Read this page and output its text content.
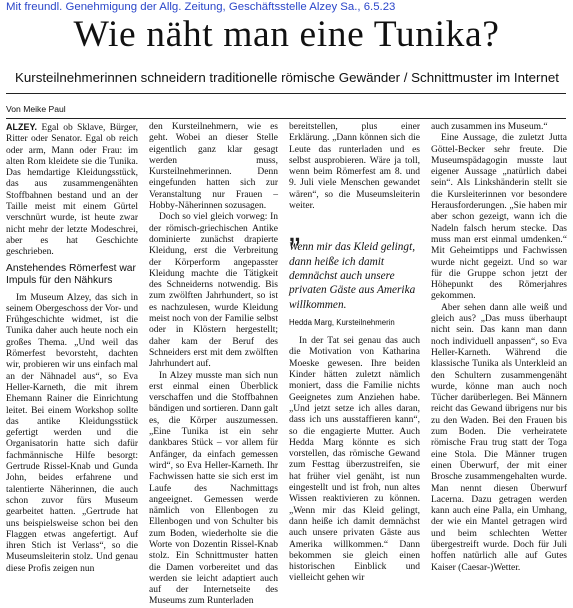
Mit freundl. Genehmigung der Allg. Zeitung, Geschäftsstelle Alzey Sa., 6.5.23
Wie näht man eine Tunika?
Kursteilnehmerinnen schneidern traditionelle römische Gewänder / Schnittmuster im Internet
Von Meike Paul

ALZEY. Egal ob Sklave, Bürger, Ritter oder Senator. Egal ob reich oder arm, Mann oder Frau: im alten Rom kleidete sie die Tunika. Das hemdartige Kleidungsstück, das aus zusammengenähten Stoffbahnen bestand und an der Taille meist mit einem Gürtel verschnürt wurde, ist heute zwar nicht mehr der letzte Modeschrei, aber es hat Geschichte geschrieben.

Anstehendes Römerfest war Impuls für den Nähkurs

Im Museum Alzey, das sich in seinem Obergeschoss der Vor- und Frühgeschichte widmet, ist die Tunika daher auch heute noch ein großes Thema. „Und weil das Römerfest bevorsteht, dachten wir, probieren wir uns einfach mal an der Nähnadel aus“, so Eva Heller-Karneth, die mit ihrem Ehemann Rainer die Einrichtung leitet. Bei einem Workshop sollte das antike Kleidungsstück gefertigt werden und die Organisatorin hatte sich dafür fachmännische Hilfe besorgt: Gertrude Rissel-Knab und Gunda John, beides erfahrene und talentierte Näherinnen, die auch schon zuvor fürs Museum gearbeitet hatten. „Gertrude hat uns beispielsweise schon bei den Flaggen etwas angefertigt. Auf ihren Stich ist Verlass“, so die Museumsleiterin stolz. Und genau diese Profis zeigen nun

den Kursteilnehmern, wie es geht. Wobei an dieser Stelle eigentlich ganz klar gesagt werden muss, Kursteilnehmerinnen. Denn eingefunden hatten sich zur Veranstaltung nur Frauen – Hobby-Näherinnen sozusagen.

Doch so viel gleich vorweg: In der römisch-griechischen Antike dominierte zunächst drapierte Kleidung, erst die Verbreitung der Körperform angepasster Kleidung machte die Tätigkeit des Schneiderns notwendig. Bis zum zwölften Jahrhundert, so ist es nachzulesen, wurde Kleidung meist noch von der Familie selbst oder in Klöstern hergestellt; daher kam der Beruf des Schneiders erst mit dem zwölften Jahrhundert auf.

In Alzey musste man sich nun erst einmal einen Überblick verschaffen und die Stoffbahnen bändigen und sortieren. Dann galt es, die Körper auszumessen. „Eine Tunika ist ein sehr dankbares Stück – vor allem für Anfänger, da einfach gemessen wird“, so Eva Heller-Karneth. Ihr Fachwissen hatte sie sich erst im Laufe des Nachmittags angeeignet. Gemessen werde nämlich von Ellenbogen zu Ellenbogen und von Schulter bis zum Boden, wiederholte sie die Worte von Dozentin Rissel-Knab stolz. Ein Schnittmuster hatten die Damen vorbereitet und das werden sie leicht adaptiert auch auf der Internetseite des Museums zum Runterladen

bereitstellen, plus einer Erklärung. „Dann können sich die Leute das runterladen und es selbst ausprobieren. Wäre ja toll, wenn beim Römerfest am 8. und 9. Juli viele Menschen gewandet wären“, so die Museumsleiterin weiter.

„
Wenn mir das Kleid gelingt, dann heiße ich damit demnächst auch unsere privaten Gäste aus Amerika willkommen.
Hedda Marg, Kursteilnehmerin

In der Tat sei genau das auch die Motivation von Katharina Moeske gewesen. Ihre beiden Kinder hätten zuletzt nämlich moniert, dass die Familie nichts Geeignetes zum Anziehen habe. „Und jetzt setze ich alles daran, dass ich uns ausstaffieren kann“, so die engagierte Mutter. Auch Hedda Marg könnte es sich vorstellen, das römische Gewand zum Festtag überzustreifen, sie hat früher viel genäht, ist nun eingestellt und ist froh, nun altes Wissen reaktivieren zu können. „Wenn mir das Kleid gelingt, dann heiße ich damit demnächst auch unsere privaten Gäste aus Amerika willkommen.“ Dann bekommen sie gleich einen historischen Einblick und vielleicht gehen wir

auch zusammen ins Museum.“

Eine Aussage, die zuletzt Jutta Göttel-Becker sehr freute. Die Museumspädagogin musste laut eigener Aussage „natürlich dabei sein“. Als Linkshänderin stellt sie die Kursleiterinnen vor besondere Herausforderungen. „Sie haben mir aber schon gezeigt, wann ich die Nadeln falsch herum stecke. Das muss man erst einmal umdenken.“ Mit Geheimtipps und Fachwissen wurde nicht gegeizt. Und so war für die Gruppe schon jetzt der Höhepunkt des Römerjahres gekommen.

Aber sehen dann alle weiß und gleich aus? „Das muss überhaupt nicht sein. Das kann man dann noch individuell anpassen“, so Eva Heller-Karneth. Während die klassische Tunika als Unterkleid an den Schultern zusammengenäht wurde, könne man auch noch Tücher darüberlegen. Bei Männern reicht das Gewand übrigens nur bis zu den Waden. Bei den Frauen bis zum Boden. Die verheiratete römische Frau trug statt der Toga eine Stola. Die Männer trugen einen Überwurf, der mit einer Brosche zusammengehalten wurde. Man nennt diesen Überwurf Lacerna. Dazu getragen werden kann auch eine Palla, ein Umhang, der wie ein Mantel getragen wird und beim schlechten Wetter übergestreift wurde. Doch für Juli hoffen natürlich alle auf Gutes Kaiser (Caesar-)Wetter.
